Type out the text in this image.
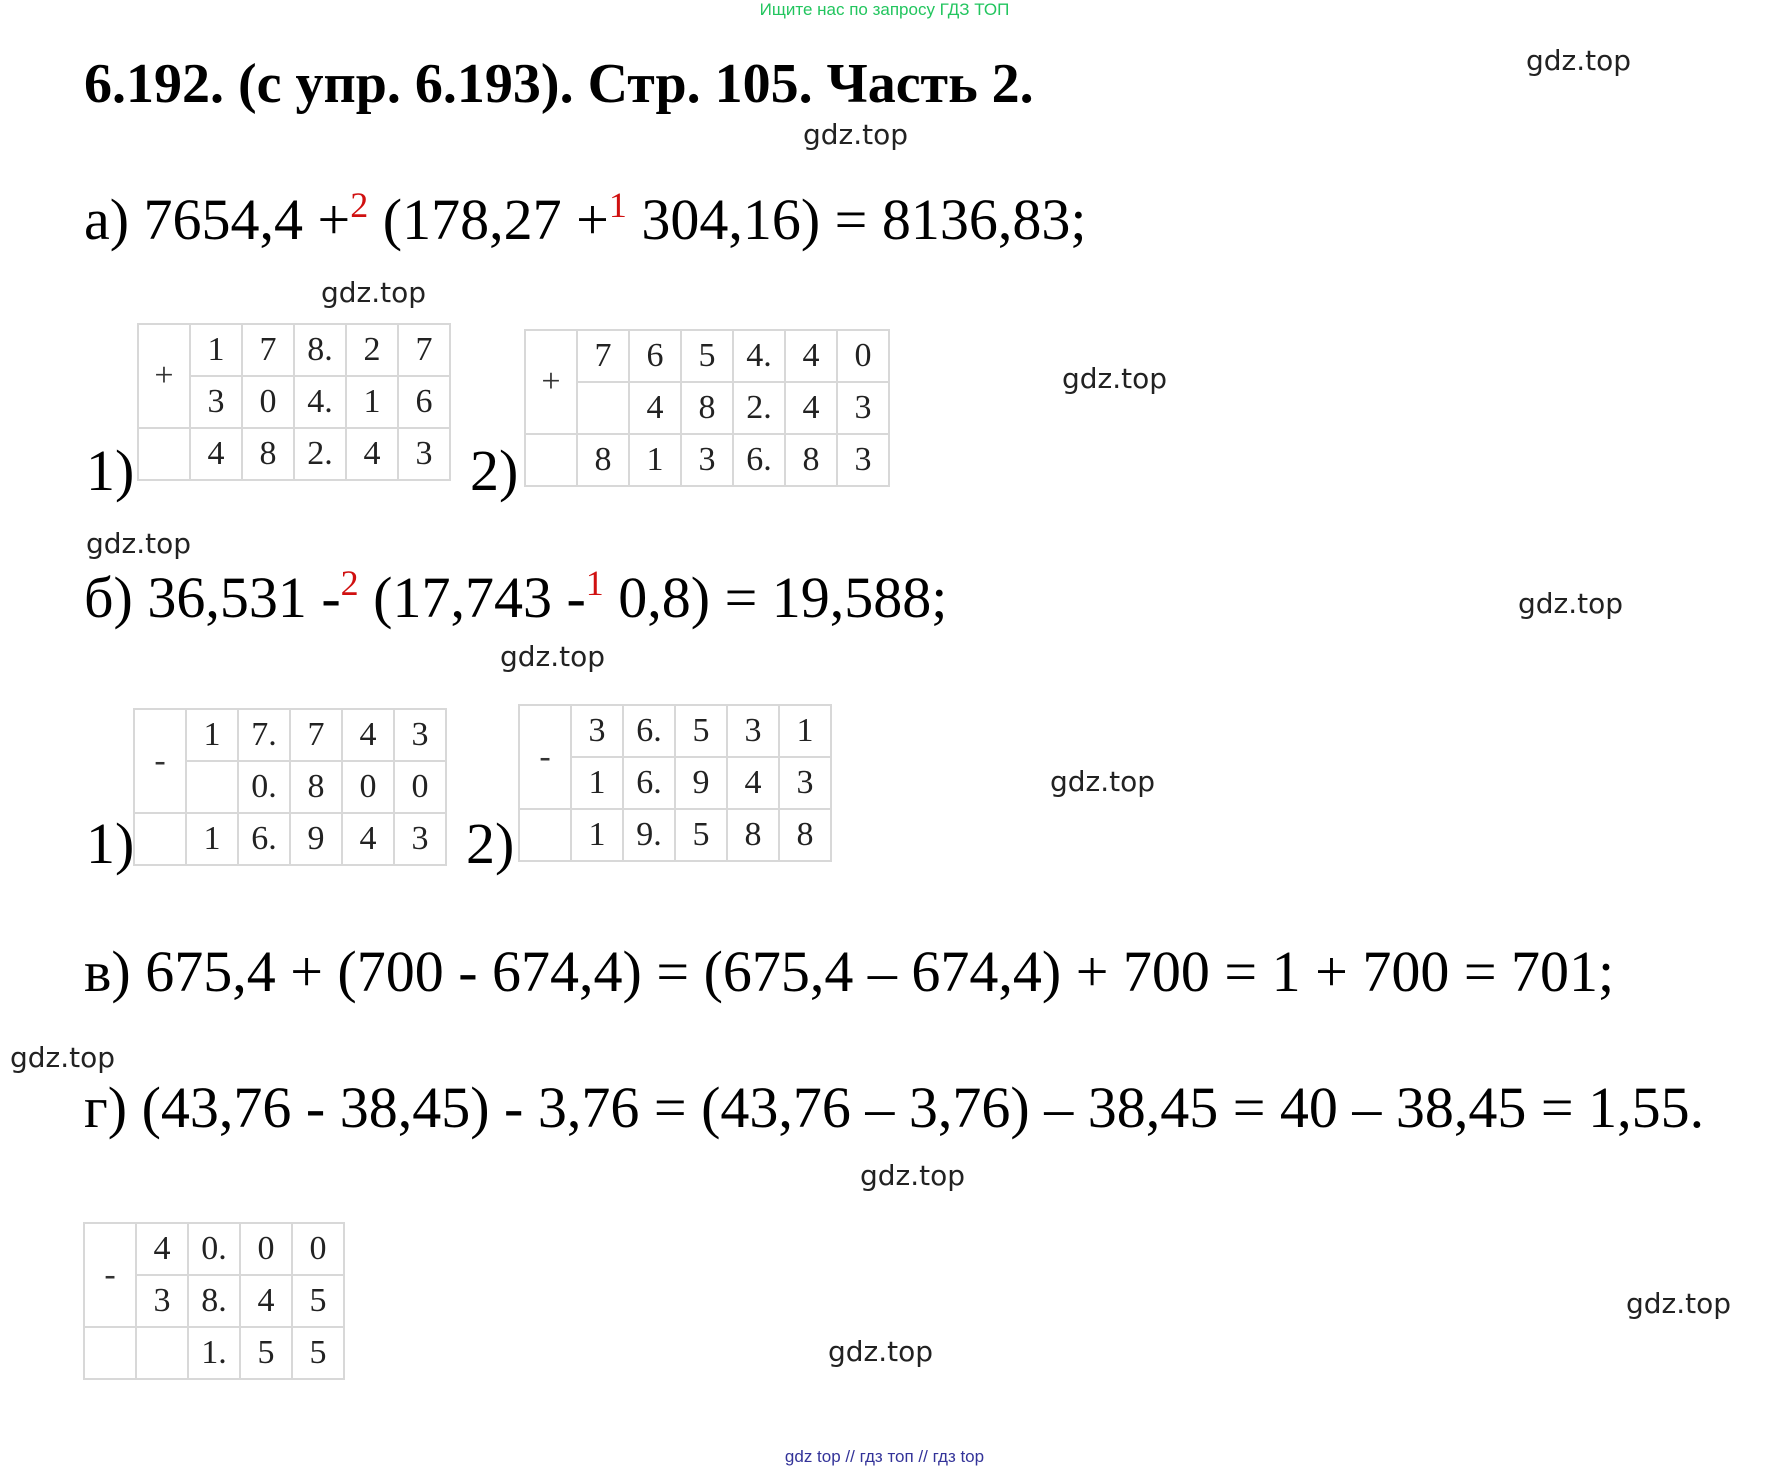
Ищите нас по запросу ГДЗ ТОП
6.192. (с упр. 6.193). Стр. 105. Часть 2.	gdz.top
gdz.top
gdz.top
gdz.top
gdz.top
gdz.top
gdz.top
gdz.top
gdz.top
gdz.top
gdz.top
gdz.top
а) 7654,4 +$^2$ (178,27 +$^1$ 304,16) = 8136,83;
1)
+	1	7	8.	2	7
	3	0	4.	1	6
	4	8	2.	4	3 2)
+	7	6	5	4.	4	0
		4	8	2.	4	3
	8	1	3	6.	8	3
б) 36,531 -$^2$ (17,743 -$^1$ 0,8) = 19,588;
1)
-	1	7.	7	4	3
		0.	8	0	0
	1	6.	9	4	3 2)
-	3	6.	5	3	1
	1	6.	9	4	3
	1	9.	5	8	8
в) 675,4 + (700 - 674,4) = (675,4 – 674,4) + 700 = 1 + 700 = 701;
г) (43,76 - 38,45) - 3,76 = (43,76 – 3,76) – 38,45 = 40 – 38,45 = 1,55.
-	4	0.	0	0
	3	8.	4	5
		1.	5	5
gdz top // гдз топ // гдз top
